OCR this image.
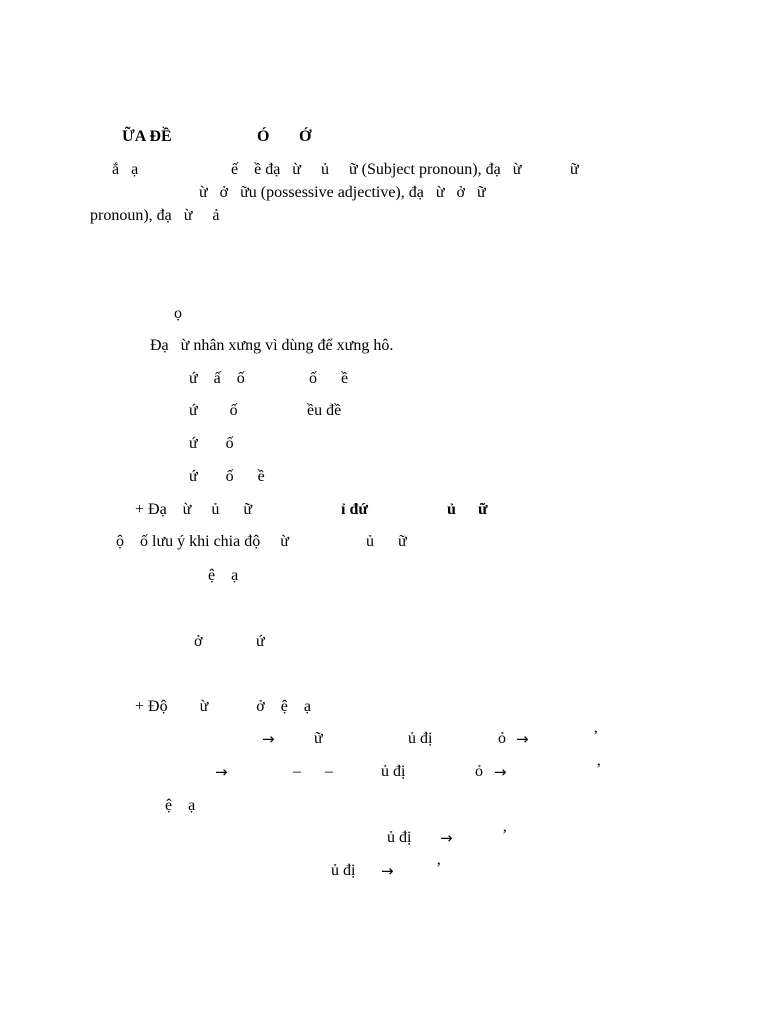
ỮA ĐỀ	Ó Ớ
ắ   ạ	ế    ề đạ   ừ     ủ     ữ (Subject pronoun), đạ   ừ	ữ
ừ   ở   ữu (possessive adjective), đạ   ừ   ở   ữ
pronoun), đạ   ừ     ả
ọ
Đạ   ừ nhân xưng vì dùng để xưng hô.
ứ    ấ    ố	ố      ề
ứ        ố	ều đề
ứ       ố
ứ       ố      ề
+ Đạ    ừ     ủ      ữ	ỉ đứ	ủ ữ
ộ    ố lưu ý khi chia độ     ừ	ủ      ữ
ệ    ạ
ở	ứ
+ Độ        ừ            ở    ệ    ạ
→ ữ	ủ đị	ỏ →	’
→	–      –	ủ đị	ỏ →	’
ệ    ạ
ủ đị →	’
ủ đị →	’
